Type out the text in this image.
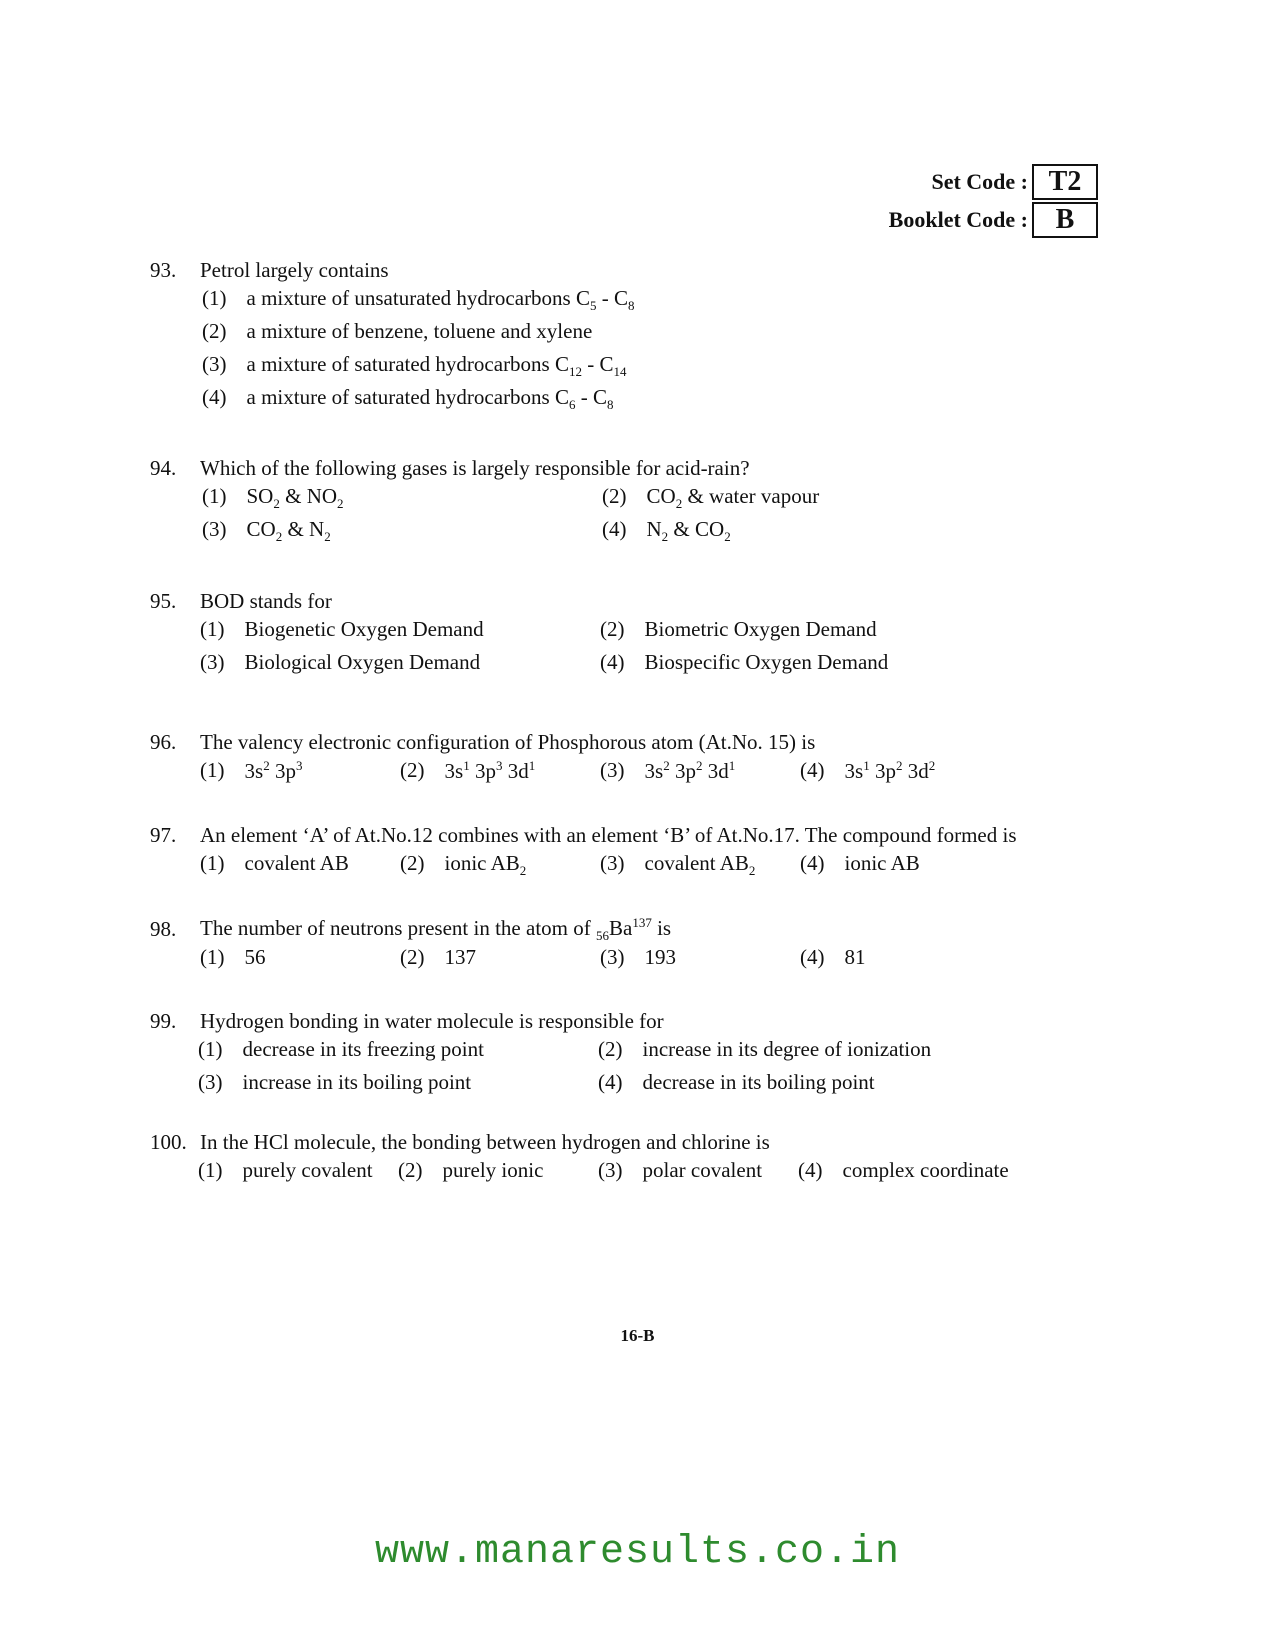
Set Code : T2
Booklet Code : B
93.	Petrol largely contains
(1) a mixture of unsaturated hydrocarbons $C_5 - C_8$
(2) a mixture of benzene, toluene and xylene
(3) a mixture of saturated hydrocarbons $C_{12} - C_{14}$
(4) a mixture of saturated hydrocarbons $C_6 - C_8$
94.	Which of the following gases is largely responsible for acid-rain?
(1) $SO_2$ & $NO_2$	(2) $CO_2$ & water vapour
(3) $CO_2$ & $N_2$	(4) $N_2$ & $CO_2$
95.	BOD stands for
(1) Biogenetic Oxygen Demand	(2) Biometric Oxygen Demand
(3) Biological Oxygen Demand	(4) Biospecific Oxygen Demand
96.	The valency electronic configuration of Phosphorous atom (At.No. 15) is
(1) $3s^2$ $3p^3$	(2) $3s^1$ $3p^3$ $3d^1$	(3) $3s^2$ $3p^2$ $3d^1$	(4) $3s^1$ $3p^2$ $3d^2$
97.	An element ‘A’ of At.No.12 combines with an element ‘B’ of At.No.17. The compound formed is
(1) covalent AB (2) ionic $AB_2$	(3) covalent $AB_2$ (4) ionic AB
98.	The number of neutrons present in the atom of $_{56}Ba^{137}$ is
(1) 56	(2) 137	(3) 193	(4) 81
99.	Hydrogen bonding in water molecule is responsible for
(1) decrease in its freezing point	(2) increase in its degree of ionization
(3) increase in its boiling point	(4) decrease in its boiling point
100. In the HCl molecule, the bonding between hydrogen and chlorine is
(1) purely covalent (2) purely ionic	(3) polar covalent (4) complex coordinate
16-B
www.manaresults.co.in
